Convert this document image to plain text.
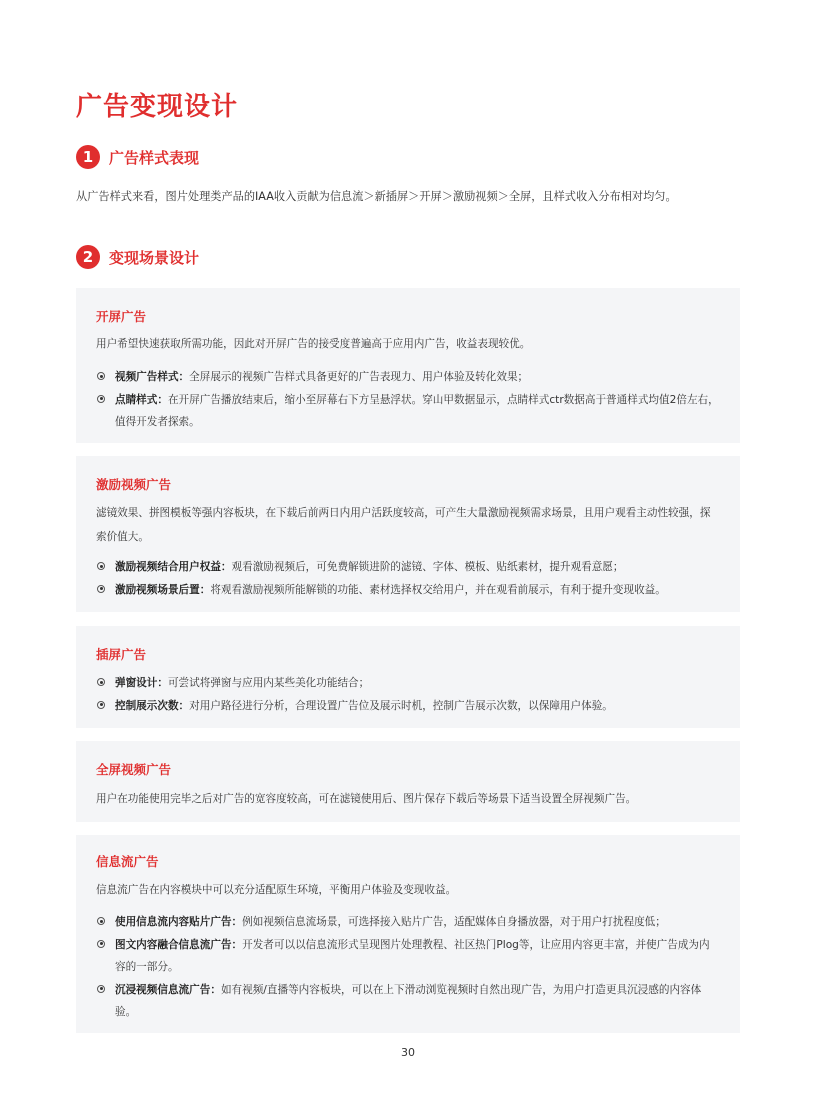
广告变现设计
1	广告样式表现

从广告样式来看，图片处理类产品的IAA收入贡献为信息流＞新插屏＞开屏＞激励视频＞全屏，且样式收入分布相对均匀。

2	变现场景设计
开屏广告

用户希望快速获取所需功能，因此对开屏广告的接受度普遍高于应用内广告，收益表现较优。

视频广告样式：全屏展示的视频广告样式具备更好的广告表现力、用户体验及转化效果；
点睛样式：在开屏广告播放结束后，缩小至屏幕右下方呈悬浮状。穿山甲数据显示，点睛样式ctr数据高于普通样式均值2倍左右，值得开发者探索。
激励视频广告

滤镜效果、拼图模板等强内容板块，在下载后前两日内用户活跃度较高，可产生大量激励视频需求场景，且用户观看主动性较强，探索价值大。

激励视频结合用户权益：观看激励视频后，可免费解锁进阶的滤镜、字体、模板、贴纸素材，提升观看意愿；
激励视频场景后置：将观看激励视频所能解锁的功能、素材选择权交给用户，并在观看前展示，有利于提升变现收益。
插屏广告
弹窗设计：可尝试将弹窗与应用内某些美化功能结合；
控制展示次数：对用户路径进行分析，合理设置广告位及展示时机，控制广告展示次数，以保障用户体验。
全屏视频广告

用户在功能使用完毕之后对广告的宽容度较高，可在滤镜使用后、图片保存下载后等场景下适当设置全屏视频广告。

信息流广告

信息流广告在内容模块中可以充分适配原生环境，平衡用户体验及变现收益。

使用信息流内容贴片广告：例如视频信息流场景，可选择接入贴片广告，适配媒体自身播放器，对于用户打扰程度低；
图文内容融合信息流广告：开发者可以以信息流形式呈现图片处理教程、社区热门Plog等，让应用内容更丰富，并使广告成为内容的一部分。
沉浸视频信息流广告：如有视频/直播等内容板块，可以在上下滑动浏览视频时自然出现广告，为用户打造更具沉浸感的内容体验。
30
